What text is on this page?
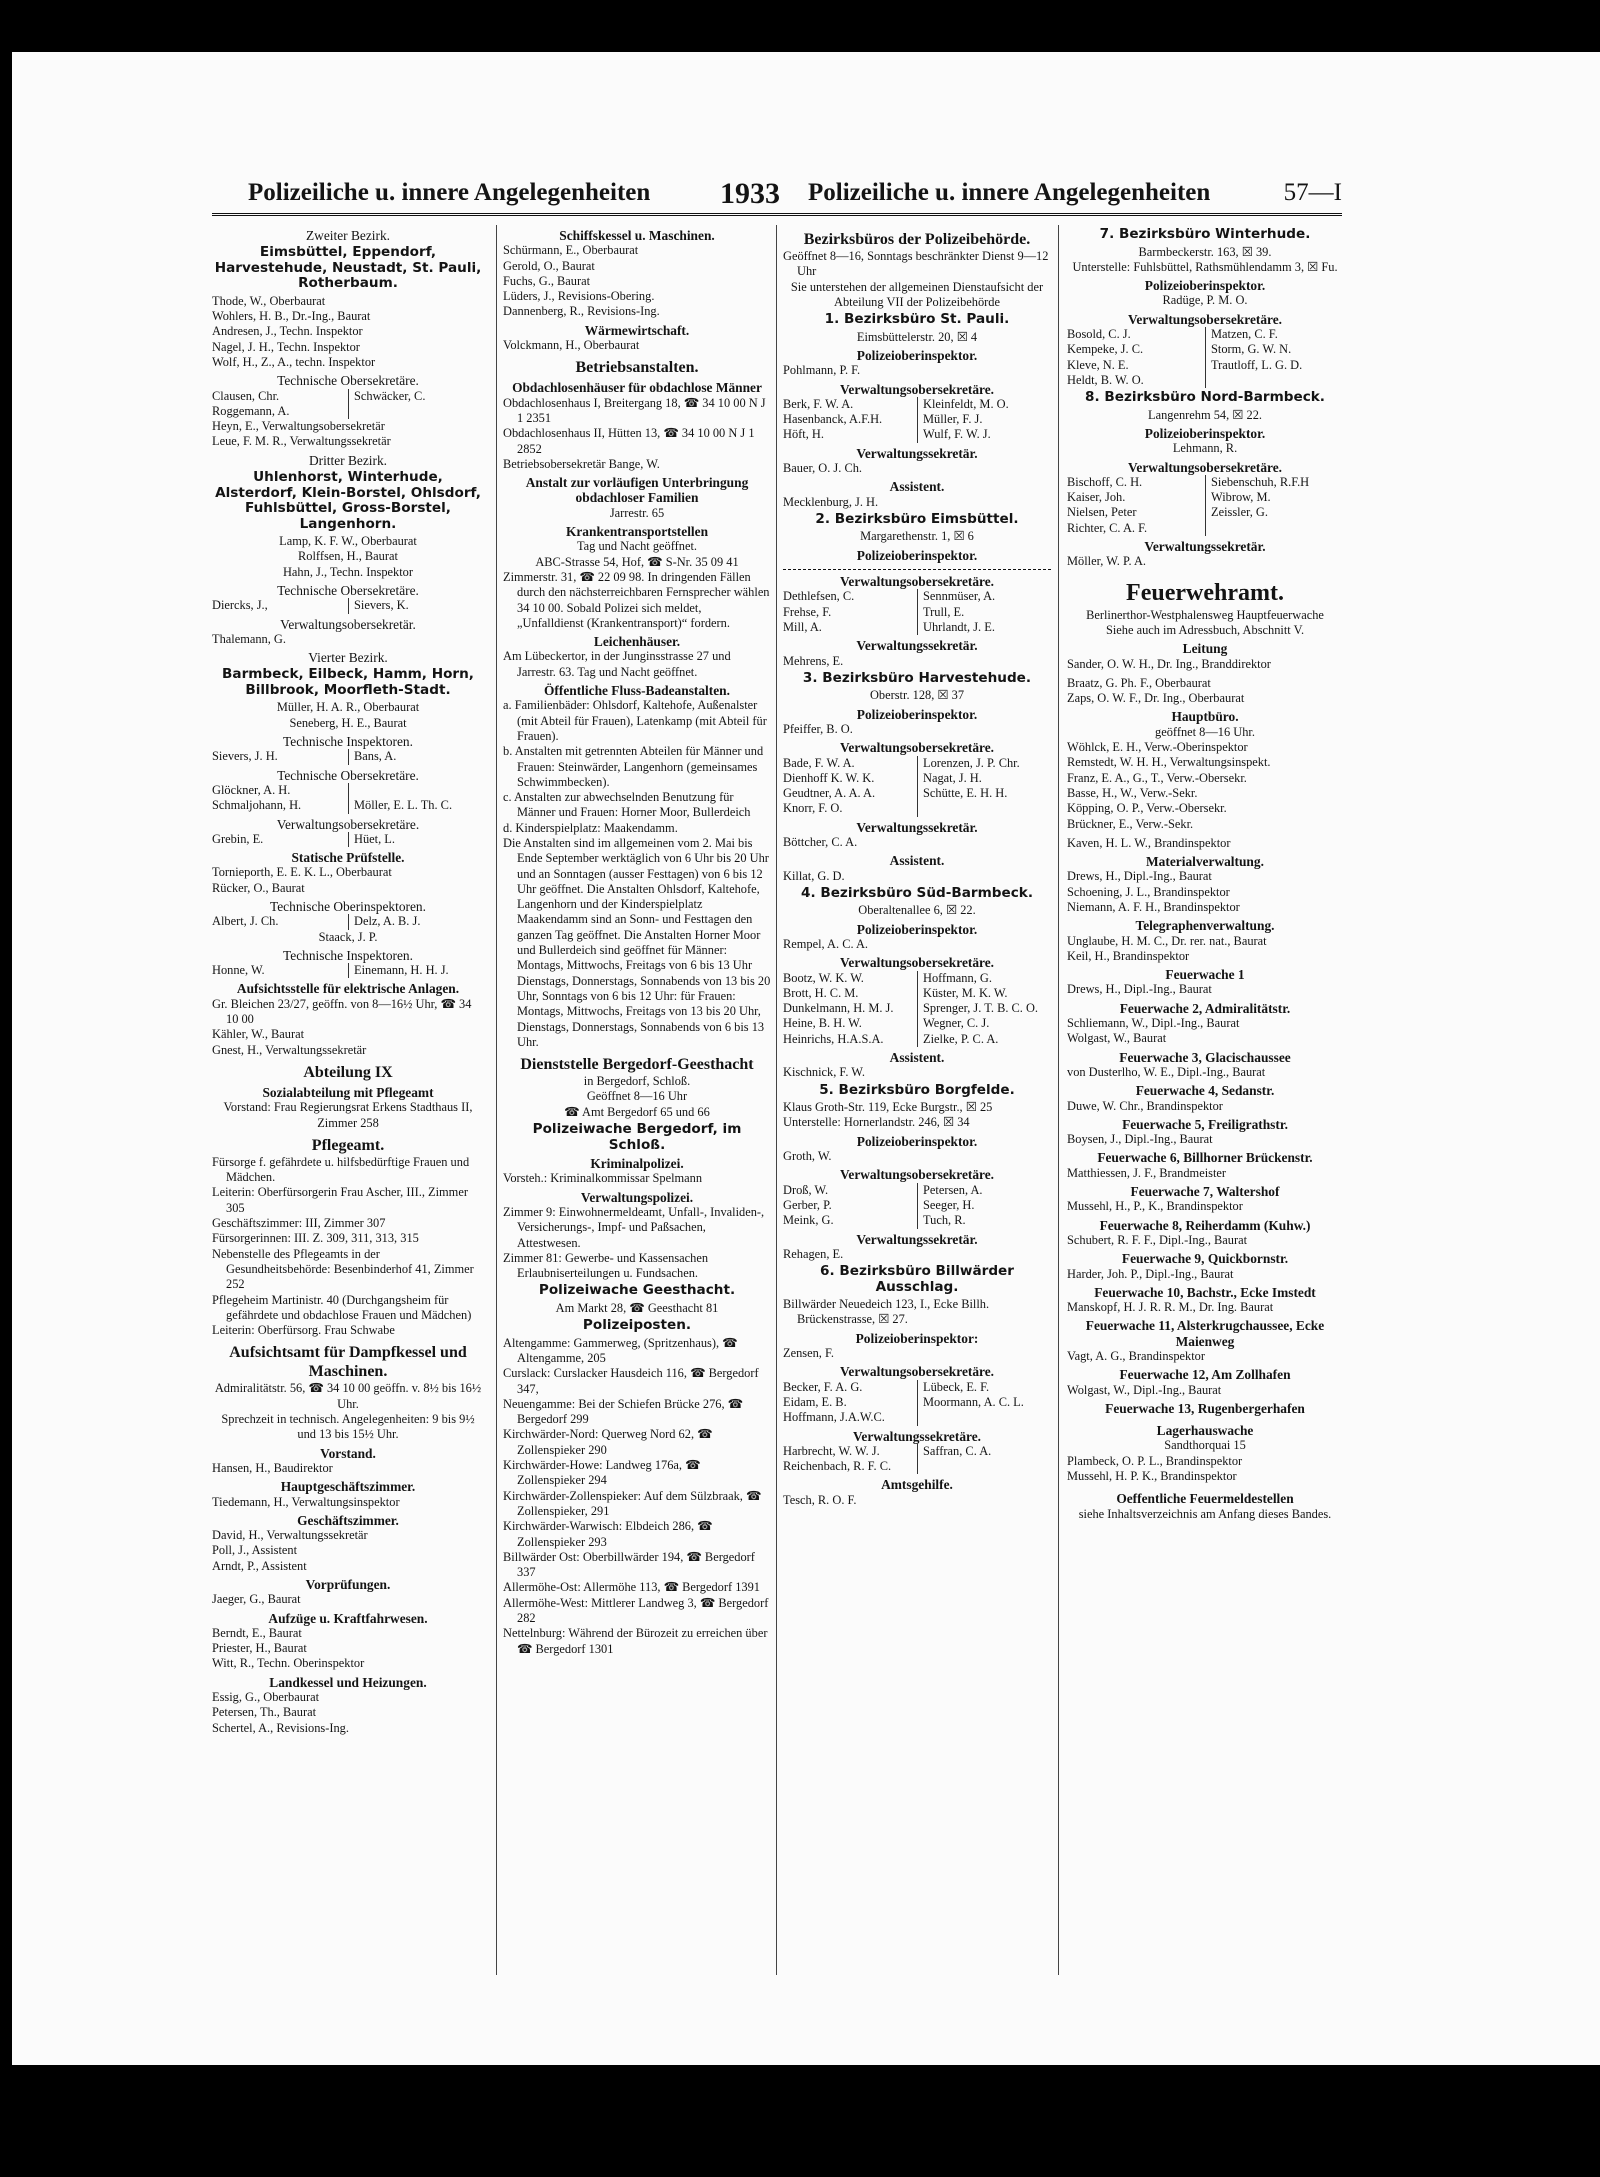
Polizeiliche u. innere Angelegenheiten 1933 Polizeiliche u. innere Angelegenheiten	57—I
Zweiter Bezirk.
Eimsbüttel, Eppendorf, Harvestehude, Neustadt, St. Pauli, Rotherbaum.
Thode, W., Oberbaurat
Wohlers, H. B., Dr.-Ing., Baurat
Andresen, J., Techn. Inspektor
Nagel, J. H., Techn. Inspektor
Wolf, H., Z., A., techn. Inspektor
Technische Obersekretäre.
Clausen, Chr.	Schwäcker, C.
Roggemann, A.
Heyn, E., Verwaltungsobersekretär
Leue, F. M. R., Verwaltungssekretär
Dritter Bezirk.
Uhlenhorst, Winterhude, Alsterdorf, Klein-Borstel, Ohlsdorf, Fuhlsbüttel, Gross-Borstel, Langenhorn.
Lamp, K. F. W., Oberbaurat
Rolffsen, H., Baurat
Hahn, J., Techn. Inspektor
Technische Obersekretäre.
Diercks, J.,	Sievers, K.
Verwaltungsobersekretär.
Thalemann, G.
Vierter Bezirk.
Barmbeck, Eilbeck, Hamm, Horn, Billbrook, Moorfleth-Stadt.
Müller, H. A. R., Oberbaurat
Seneberg, H. E., Baurat
Technische Inspektoren.
Sievers, J. H.	Bans, A.
Technische Obersekretäre.
Glöckner, A. H.
Schmaljohann, H.	Möller, E. L. Th. C.
Verwaltungsobersekretäre.
Grebin, E.	Hüet, L.
Statische Prüfstelle.
Tornieporth, E. E. K. L., Oberbaurat
Rücker, O., Baurat
Technische Oberinspektoren.
Albert, J. Ch.	Delz, A. B. J.
Staack, J. P.
Technische Inspektoren.
Honne, W.	Einemann, H. H. J.
Aufsichtsstelle für elektrische Anlagen.
Gr. Bleichen 23/27, geöffn. von 8—16½ Uhr, ☎ 34 10 00
Kähler, W., Baurat
Gnest, H., Verwaltungssekretär
Abteilung IX
Sozialabteilung mit Pflegeamt
Vorstand: Frau Regierungsrat Erkens Stadthaus II, Zimmer 258
Pflegeamt.
Fürsorge f. gefährdete u. hilfsbedürftige Frauen und Mädchen.
Leiterin: Oberfürsorgerin Frau Ascher, III., Zimmer 305
Geschäftszimmer: III, Zimmer 307
Fürsorgerinnen: III. Z. 309, 311, 313, 315
Nebenstelle des Pflegeamts in der Gesundheitsbehörde: Besenbinderhof 41, Zimmer 252
Pflegeheim Martinistr. 40 (Durchgangsheim für gefährdete und obdachlose Frauen und Mädchen)
Leiterin: Oberfürsorg. Frau Schwabe
Aufsichtsamt für Dampfkessel und Maschinen.
Admiralitätstr. 56, ☎ 34 10 00 geöffn. v. 8½ bis 16½ Uhr.
Sprechzeit in technisch. Angelegenheiten: 9 bis 9½ und 13 bis 15½ Uhr.
Vorstand.
Hansen, H., Baudirektor
Hauptgeschäftszimmer.
Tiedemann, H., Verwaltungsinspektor
Geschäftszimmer.
David, H., Verwaltungssekretär
Poll, J., Assistent
Arndt, P., Assistent
Vorprüfungen.
Jaeger, G., Baurat
Aufzüge u. Kraftfahrwesen.
Berndt, E., Baurat
Priester, H., Baurat
Witt, R., Techn. Oberinspektor
Landkessel und Heizungen.
Essig, G., Oberbaurat
Petersen, Th., Baurat
Schertel, A., Revisions-Ing.
Schiffskessel u. Maschinen.
Schürmann, E., Oberbaurat
Gerold, O., Baurat
Fuchs, G., Baurat
Lüders, J., Revisions-Obering.
Dannenberg, R., Revisions-Ing.
Wärmewirtschaft.
Volckmann, H., Oberbaurat
Betriebsanstalten.
Obdachlosenhäuser für obdachlose Männer
Obdachlosenhaus I, Breitergang 18, ☎ 34 10 00 N J 1 2351
Obdachlosenhaus II, Hütten 13, ☎ 34 10 00 N J 1 2852
Betriebsobersekretär Bange, W.
Anstalt zur vorläufigen Unterbringung obdachloser Familien
Jarrestr. 65
Krankentransportstellen
Tag und Nacht geöffnet.
ABC-Strasse 54, Hof, ☎ S-Nr. 35 09 41
Zimmerstr. 31, ☎ 22 09 98. In dringenden Fällen durch den nächsterreichbaren Fernsprecher wählen 34 10 00. Sobald Polizei sich meldet, „Unfalldienst (Krankentransport)“ fordern.
Leichenhäuser.
Am Lübeckertor, in der Junginsstrasse 27 und Jarrestr. 63. Tag und Nacht geöffnet.
Öffentliche Fluss-Badeanstalten.
a. Familienbäder: Ohlsdorf, Kaltehofe, Außenalster (mit Abteil für Frauen), Latenkamp (mit Abteil für Frauen).
b. Anstalten mit getrennten Abteilen für Männer und Frauen: Steinwärder, Langenhorn (gemeinsames Schwimmbecken).
c. Anstalten zur abwechselnden Benutzung für Männer und Frauen: Horner Moor, Bullerdeich
d. Kinderspielplatz: Maakendamm.
Die Anstalten sind im allgemeinen vom 2. Mai bis Ende September werktäglich von 6 Uhr bis 20 Uhr und an Sonntagen (ausser Festtagen) von 6 bis 12 Uhr geöffnet. Die Anstalten Ohlsdorf, Kaltehofe, Langenhorn und der Kinderspielplatz Maakendamm sind an Sonn- und Festtagen den ganzen Tag geöffnet. Die Anstalten Horner Moor und Bullerdeich sind geöffnet für Männer: Montags, Mittwochs, Freitags von 6 bis 13 Uhr Dienstags, Donnerstags, Sonnabends von 13 bis 20 Uhr, Sonntags von 6 bis 12 Uhr: für Frauen: Montags, Mittwochs, Freitags von 13 bis 20 Uhr, Dienstags, Donnerstags, Sonnabends von 6 bis 13 Uhr.
Dienststelle Bergedorf-Geesthacht
in Bergedorf, Schloß.
Geöffnet 8—16 Uhr
☎ Amt Bergedorf 65 und 66
Polizeiwache Bergedorf, im Schloß.
Kriminalpolizei.
Vorsteh.: Kriminalkommissar Spelmann
Verwaltungspolizei.
Zimmer 9: Einwohnermeldeamt, Unfall-, Invaliden-, Versicherungs-, Impf- und Paßsachen, Attestwesen.
Zimmer 81: Gewerbe- und Kassensachen Erlaubniserteilungen u. Fundsachen.
Polizeiwache Geesthacht.
Am Markt 28, ☎ Geesthacht 81
Polizeiposten.
Altengamme: Gammerweg, (Spritzenhaus), ☎ Altengamme, 205
Curslack: Curslacker Hausdeich 116, ☎ Bergedorf 347,
Neuengamme: Bei der Schiefen Brücke 276, ☎ Bergedorf 299
Kirchwärder-Nord: Querweg Nord 62, ☎ Zollenspieker 290
Kirchwärder-Howe: Landweg 176a, ☎ Zollenspieker 294
Kirchwärder-Zollenspieker: Auf dem Sülzbraak, ☎ Zollenspieker, 291
Kirchwärder-Warwisch: Elbdeich 286, ☎ Zollenspieker 293
Billwärder Ost: Oberbillwärder 194, ☎ Bergedorf 337
Allermöhe-Ost: Allermöhe 113, ☎ Bergedorf 1391
Allermöhe-West: Mittlerer Landweg 3, ☎ Bergedorf 282
Nettelnburg: Während der Bürozeit zu erreichen über ☎ Bergedorf 1301
Bezirksbüros der Polizeibehörde.
Geöffnet 8—16, Sonntags beschränkter Dienst 9—12 Uhr
Sie unterstehen der allgemeinen Dienstaufsicht der Abteilung VII der Polizeibehörde
1. Bezirksbüro St. Pauli.
Eimsbüttelerstr. 20, ☒ 4
Polizeioberinspektor.
Pohlmann, P. F.
Verwaltungsobersekretäre.
Berk, F. W. A.	Kleinfeldt, M. O.
Hasenbanck, A.F.H.	Müller, F. J.
Höft, H.	Wulf, F. W. J.
Verwaltungssekretär.
Bauer, O. J. Ch.
Assistent.
Mecklenburg, J. H.
2. Bezirksbüro Eimsbüttel.
Margarethenstr. 1, ☒ 6
Polizeioberinspektor.
Verwaltungsobersekretäre.
Dethlefsen, C.	Sennmüser, A.
Frehse, F.	Trull, E.
Mill, A.	Uhrlandt, J. E.
Verwaltungssekretär.
Mehrens, E.
3. Bezirksbüro Harvestehude.
Oberstr. 128, ☒ 37
Polizeioberinspektor.
Pfeiffer, B. O.
Verwaltungsobersekretäre.
Bade, F. W. A.	Lorenzen, J. P. Chr.
Dienhoff K. W. K.	Nagat, J. H.
Geudtner, A. A. A.	Schütte, E. H. H.
Knorr, F. O.
Verwaltungssekretär.
Böttcher, C. A.
Assistent.
Killat, G. D.
4. Bezirksbüro Süd-Barmbeck.
Oberaltenallee 6, ☒ 22.
Polizeioberinspektor.
Rempel, A. C. A.
Verwaltungsobersekretäre.
Bootz, W. K. W.	Hoffmann, G.
Brott, H. C. M.	Küster, M. K. W.
Dunkelmann, H. M. J.	Sprenger, J. T. B. C. O.
Heine, B. H. W.	Wegner, C. J.
Heinrichs, H.A.S.A.	Zielke, P. C. A.
Assistent.
Kischnick, F. W.
5. Bezirksbüro Borgfelde.
Klaus Groth-Str. 119, Ecke Burgstr., ☒ 25
Unterstelle: Hornerlandstr. 246, ☒ 34
Polizeioberinspektor.
Groth, W.
Verwaltungsobersekretäre.
Droß, W.	Petersen, A.
Gerber, P.	Seeger, H.
Meink, G.	Tuch, R.
Verwaltungssekretär.
Rehagen, E.
6. Bezirksbüro Billwärder Ausschlag.
Billwärder Neuedeich 123, I., Ecke Billh. Brückenstrasse, ☒ 27.
Polizeioberinspektor:
Zensen, F.
Verwaltungsobersekretäre.
Becker, F. A. G.	Lübeck, E. F.
Eidam, E. B.	Moormann, A. C. L.
Hoffmann, J.A.W.C.
Verwaltungssekretäre.
Harbrecht, W. W. J.	Saffran, C. A.
Reichenbach, R. F. C.
Amtsgehilfe.
Tesch, R. O. F.
7. Bezirksbüro Winterhude.
Barmbeckerstr. 163, ☒ 39.
Unterstelle: Fuhlsbüttel, Rathsmühlendamm 3, ☒ Fu.
Polizeioberinspektor.
Radüge, P. M. O.
Verwaltungsobersekretäre.
Bosold, C. J.	Matzen, C. F.
Kempeke, J. C.	Storm, G. W. N.
Kleve, N. E.	Trautloff, L. G. D.
Heldt, B. W. O.
8. Bezirksbüro Nord-Barmbeck.
Langenrehm 54, ☒ 22.
Polizeioberinspektor.
Lehmann, R.
Verwaltungsobersekretäre.
Bischoff, C. H.	Siebenschuh, R.F.H
Kaiser, Joh.	Wibrow, M.
Nielsen, Peter	Zeissler, G.
Richter, C. A. F.
Verwaltungssekretär.
Möller, W. P. A.
Feuerwehramt.
Berlinerthor-Westphalensweg Hauptfeuerwache
Siehe auch im Adressbuch, Abschnitt V.
Leitung
Sander, O. W. H., Dr. Ing., Branddirektor
Braatz, G. Ph. F., Oberbaurat
Zaps, O. W. F., Dr. Ing., Oberbaurat
Hauptbüro.
geöffnet 8—16 Uhr.
Wöhlck, E. H., Verw.-Oberinspektor
Remstedt, W. H. H., Verwaltungsinspekt.
Franz, E. A., G., T., Verw.-Obersekr.
Basse, H., W., Verw.-Sekr.
Köpping, O. P., Verw.-Obersekr.
Brückner, E., Verw.-Sekr.
Kaven, H. L. W., Brandinspektor
Materialverwaltung.
Drews, H., Dipl.-Ing., Baurat
Schoening, J. L., Brandinspektor
Niemann, A. F. H., Brandinspektor
Telegraphenverwaltung.
Unglaube, H. M. C., Dr. rer. nat., Baurat
Keil, H., Brandinspektor
Feuerwache 1
Drews, H., Dipl.-Ing., Baurat
Feuerwache 2, Admiralitätstr.
Schliemann, W., Dipl.-Ing., Baurat
Wolgast, W., Baurat
Feuerwache 3, Glacischaussee
von Dusterlho, W. E., Dipl.-Ing., Baurat
Feuerwache 4, Sedanstr.
Duwe, W. Chr., Brandinspektor
Feuerwache 5, Freiligrathstr.
Boysen, J., Dipl.-Ing., Baurat
Feuerwache 6, Billhorner Brückenstr.
Matthiessen, J. F., Brandmeister
Feuerwache 7, Waltershof
Mussehl, H., P., K., Brandinspektor
Feuerwache 8, Reiherdamm (Kuhw.)
Schubert, R. F. F., Dipl.-Ing., Baurat
Feuerwache 9, Quickbornstr.
Harder, Joh. P., Dipl.-Ing., Baurat
Feuerwache 10, Bachstr., Ecke Imstedt
Manskopf, H. J. R. R. M., Dr. Ing. Baurat
Feuerwache 11, Alsterkrugchaussee, Ecke Maienweg
Vagt, A. G., Brandinspektor
Feuerwache 12, Am Zollhafen
Wolgast, W., Dipl.-Ing., Baurat
Feuerwache 13, Rugenbergerhafen
Lagerhauswache
Sandthorquai 15
Plambeck, O. P. L., Brandinspektor
Mussehl, H. P. K., Brandinspektor
Oeffentliche Feuermeldestellen
siehe Inhaltsverzeichnis am Anfang dieses Bandes.
